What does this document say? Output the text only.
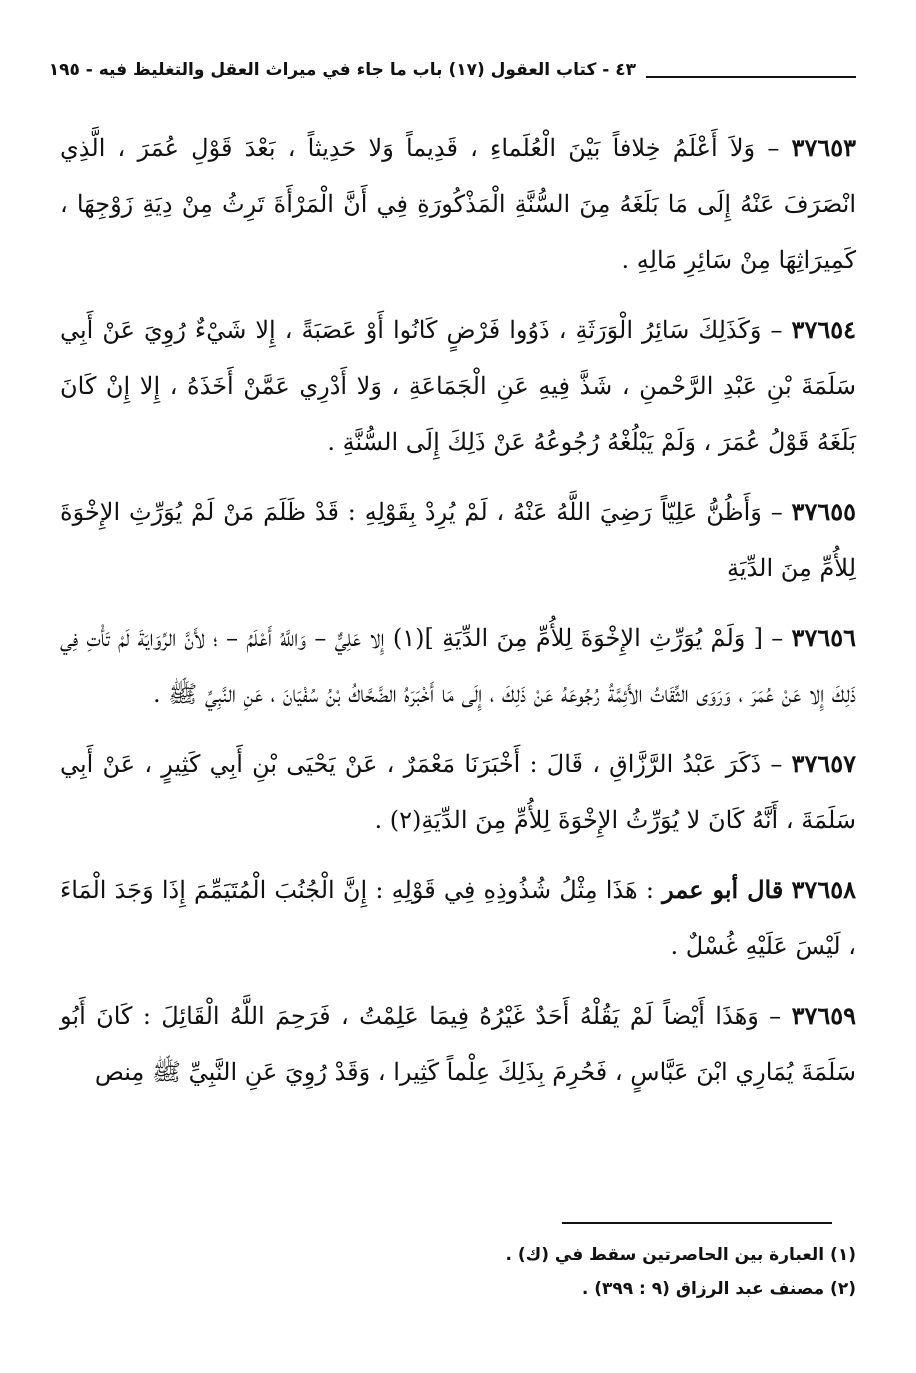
٤٣ - كتاب العقول (١٧) باب ما جاء في ميراث العقل والتغليظ فيه - ١٩٥

٣٧٦٥٣ – وَلاَ أَعْلَمُ خِلافاً بَيْنَ الْعُلَماءِ ، قَدِيماً وَلا حَدِيثاً ، بَعْدَ قَوْلِ عُمَرَ ، الَّذِي انْصَرَفَ عَنْهُ إِلَى مَا بَلَغَهُ مِنَ السُّنَّةِ الْمَذْكُورَةِ فِي أَنَّ الْمَرْأَةَ تَرِثُ مِنْ دِيَةِ زَوْجِهَا ، كَمِيرَاثِهَا مِنْ سَائِرِ مَالِهِ .

٣٧٦٥٤ – وَكَذَلِكَ سَائِرُ الْوَرَثَةِ ، ذَوُوا فَرْضٍ كَانُوا أَوْ عَصَبَةً ، إِلا شَيْءٌ رُوِيَ عَنْ أَبِي سَلَمَةَ بْنِ عَبْدِ الرَّحْمنِ ، شَذَّ فِيهِ عَنِ الْجَمَاعَةِ ، وَلا أَدْرِي عَمَّنْ أَخَذَهُ ، إِلا إِنْ كَانَ بَلَغَهُ قَوْلُ عُمَرَ ، وَلَمْ يَبْلُغْهُ رُجُوعُهُ عَنْ ذَلِكَ إِلَى السُّنَّةِ .

٣٧٦٥٥ – وَأَظُنُّ عَلِيّاً رَضِيَ اللَّهُ عَنْهُ ، لَمْ يُرِدْ بِقَوْلِهِ : قَدْ ظَلَمَ مَنْ لَمْ يُوَرِّثِ الإِخْوَةَ لِلأُمِّ مِنَ الدِّيَةِ

٣٧٦٥٦ – [ وَلَمْ يُوَرِّثِ الإِخْوَةَ لِلأُمِّ مِنَ الدِّيَةِ ](١) إِلا عَلِيٌّ – وَاللَّهُ أَعْلَمُ – ؛ لأَنَّ الرِّوَايَةَ لَمْ تَأْتِ فِي ذَلِكَ إِلا عَنْ عُمَرَ ، وَرَوَى الثِّقَاتُ الأَئِمَّةُ رُجُوعَهُ عَنْ ذَلِكَ ، إِلَى مَا أَخْبَرَهُ الضَّحَّاكُ بْنُ سُفْيَانَ ، عَنِ النَّبِيِّ ﷺ .

٣٧٦٥٧ – ذَكَرَ عَبْدُ الرَّزَّاقِ ، قَالَ : أَخْبَرَنَا مَعْمَرٌ ، عَنْ يَحْيَى بْنِ أَبِي كَثِيرٍ ، عَنْ أَبِي سَلَمَةَ ، أَنَّهُ كَانَ لا يُوَرِّثُ الإِخْوَةَ لِلأُمِّ مِنَ الدِّيَةِ(٢) .

٣٧٦٥٨ قال أبو عمر : هَذَا مِثْلُ شُذُوذِهِ فِي قَوْلِهِ : إِنَّ الْجُنُبَ الْمُتَيَمِّمَ إِذَا وَجَدَ الْمَاءَ ، لَيْسَ عَلَيْهِ غُسْلٌ .

٣٧٦٥٩ – وَهَذَا أَيْضاً لَمْ يَقُلْهُ أَحَدٌ غَيْرُهُ فِيمَا عَلِمْتُ ، فَرَحِمَ اللَّهُ الْقَائِلَ : كَانَ أَبُو سَلَمَةَ يُمَارِي ابْنَ عَبَّاسٍ ، فَحُرِمَ بِذَلِكَ عِلْماً كَثِيرا ، وَقَدْ رُوِيَ عَنِ النَّبِيِّ ﷺ مِنص

(١) العبارة بين الحاصرتين سقط في (ك) .
(٢) مصنف عبد الرزاق (٩ : ٣٩٩) .
